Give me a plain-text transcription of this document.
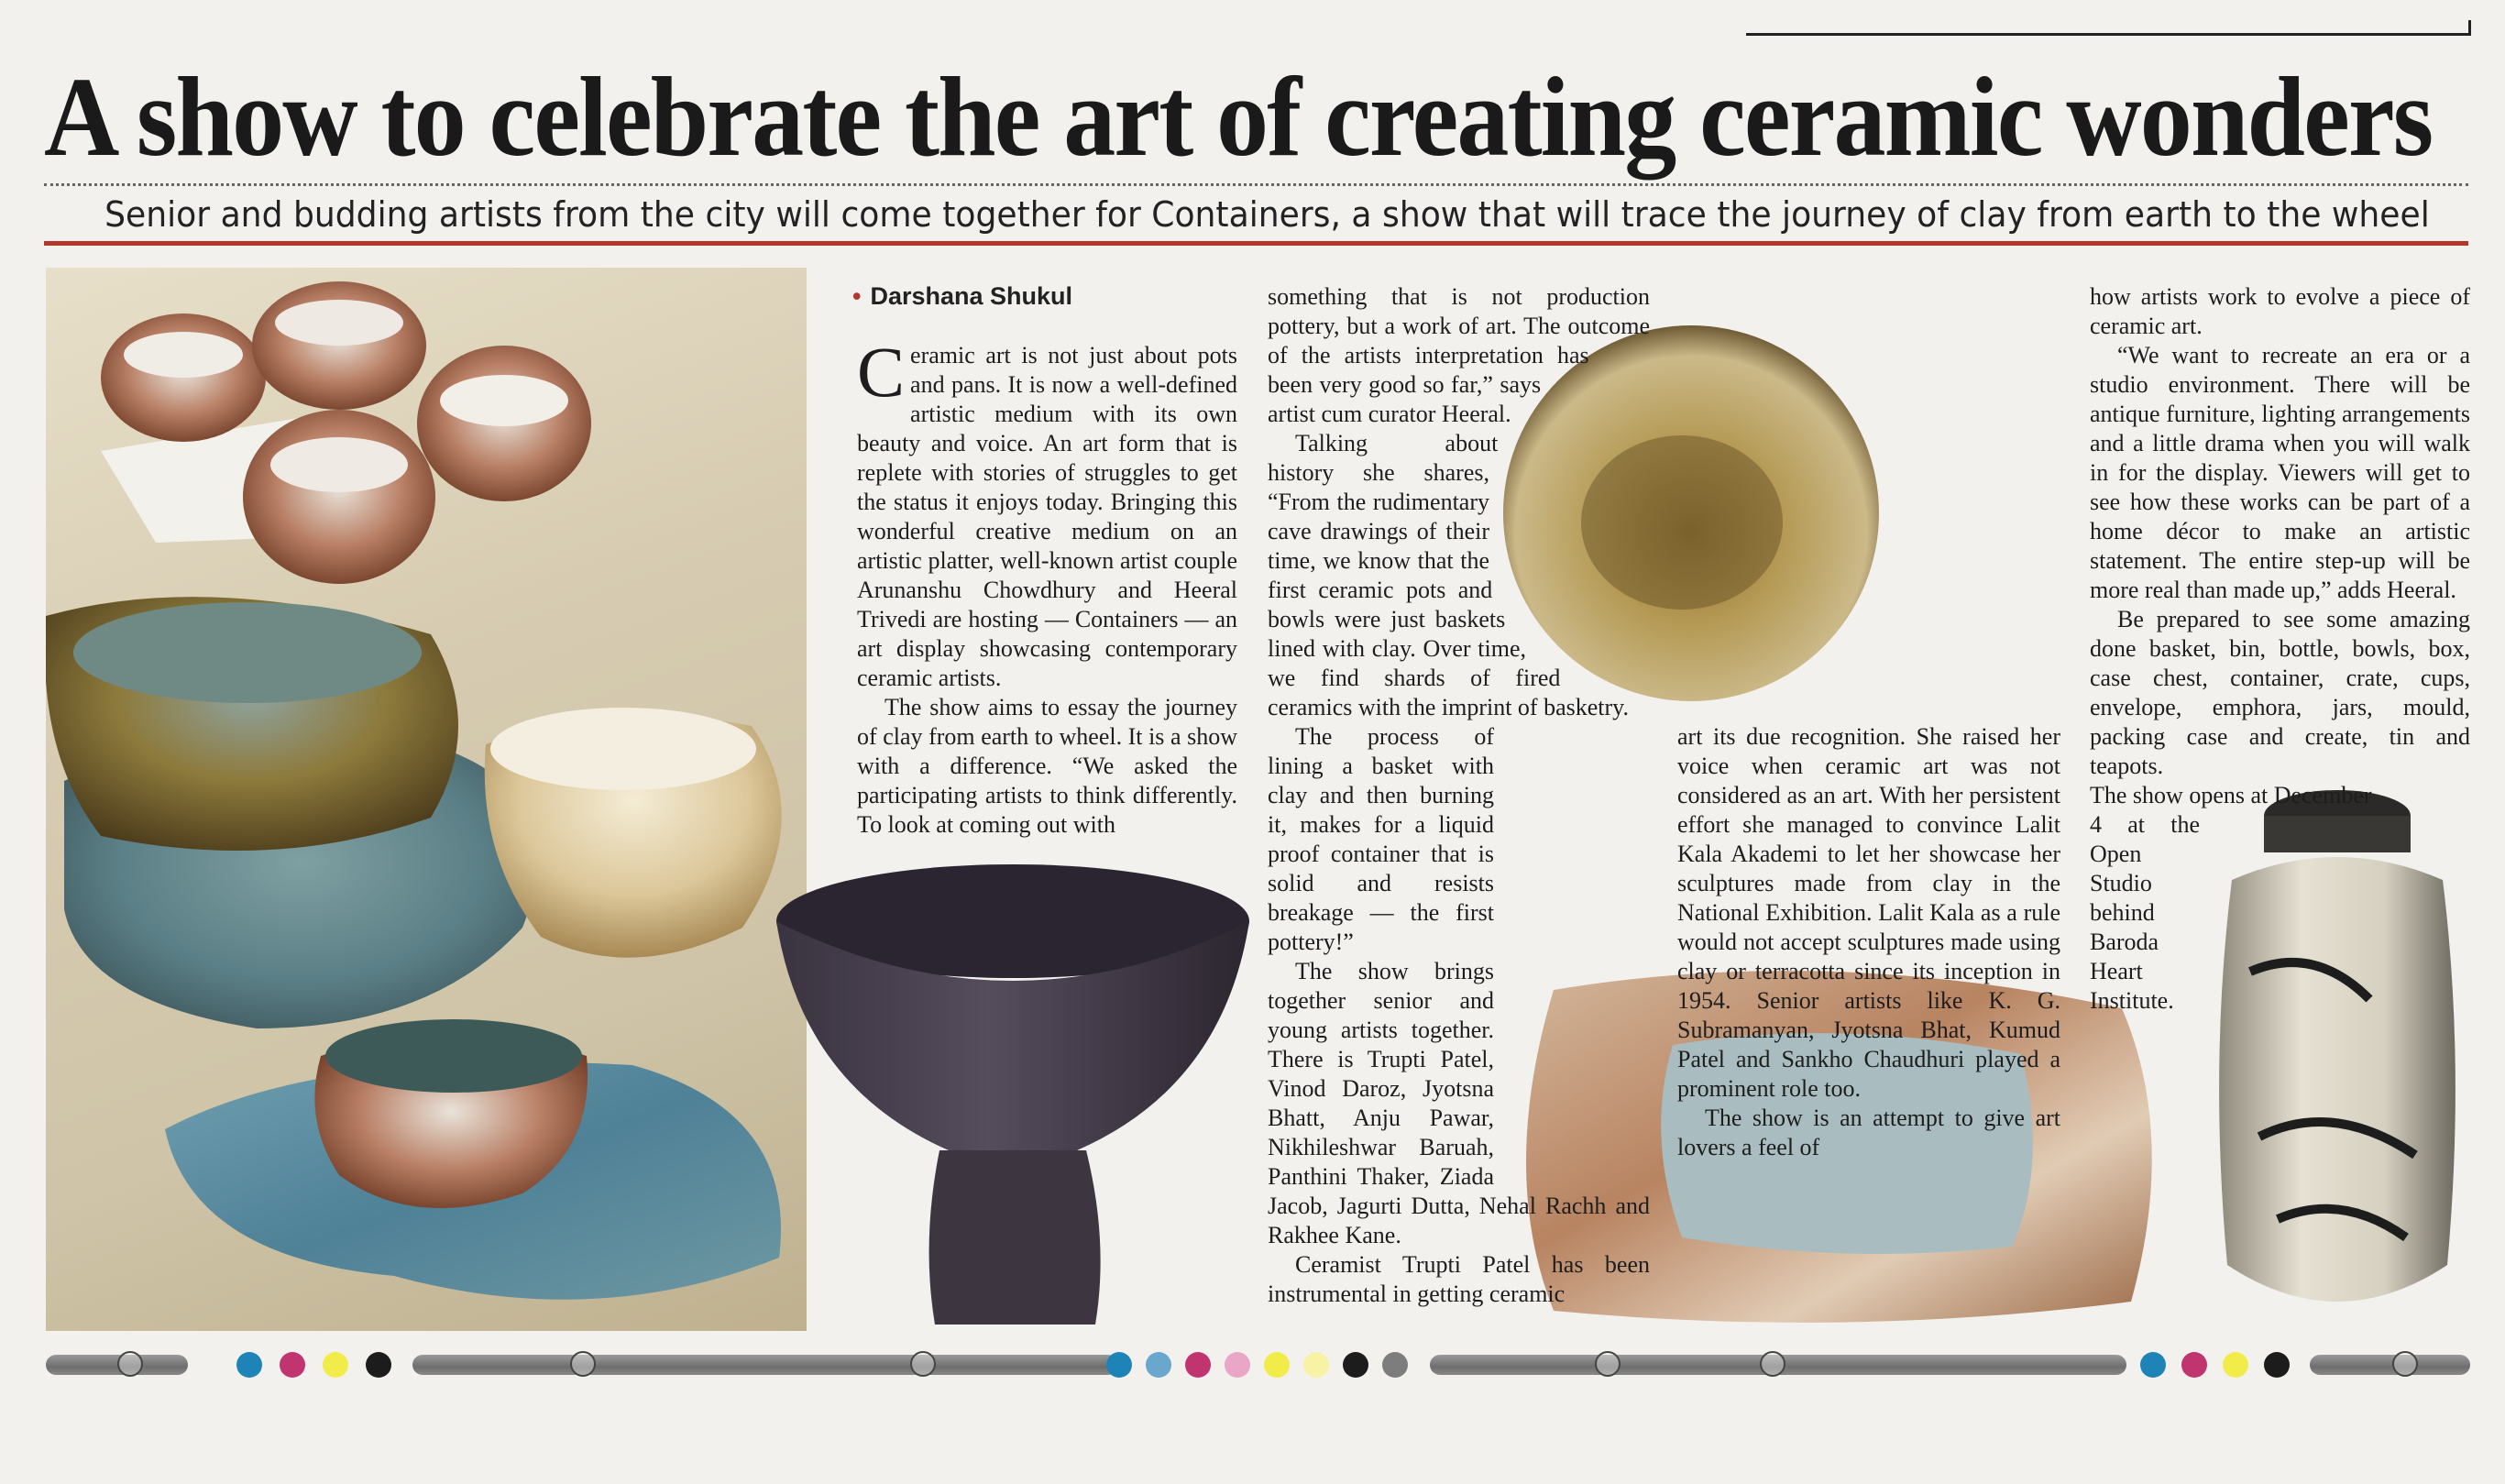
A show to celebrate the art of creating ceramic wonders

Senior and budding artists from the city will come together for Containers, a show that will trace the journey of clay from earth to the wheel

• Darshana Shukul

Ceramic art is not just about pots and pans. It is now a well-defined artistic medium with its own beauty and voice. An art form that is replete with stories of struggles to get the status it enjoys today. Bringing this wonderful creative medium on an artistic platter, well-known artist couple Arunanshu Chowdhury and Heeral Trivedi are hosting — Containers — an art display showcasing contemporary ceramic artists.

The show aims to essay the journey of clay from earth to wheel. It is a show with a difference. “We asked the participating artists to think differently. To look at coming out with

something that is not production pottery, but a work of art. The outcome of the artists interpretation has been very good so far,” says artist cum curator Heeral.

Talking about history she shares, “From the rudimentary cave drawings of their time, we know that the first ceramic pots and bowls were just baskets lined with clay. Over time, we find shards of fired ceramics with the imprint of basketry.

The process of lining a basket with clay and then burning it, makes for a liquid proof container that is solid and resists breakage — the first pottery!”

The show brings together senior and young artists together. There is Trupti Patel, Vinod Daroz, Jyotsna Bhatt, Anju Pawar, Nikhileshwar Baruah, Panthini Thaker, Ziada Jacob, Jagurti Dutta, Nehal Rachh and Rakhee Kane.

Ceramist Trupti Patel has been instrumental in getting ceramic

art its due recognition. She raised her voice when ceramic art was not considered as an art. With her persistent effort she managed to convince Lalit Kala Akademi to let her showcase her sculptures made from clay in the National Exhibition. Lalit Kala as a rule would not accept sculptures made using clay or terracotta since its inception in 1954. Senior artists like K. G. Subramanyan, Jyotsna Bhat, Kumud Patel and Sankho Chaudhuri played a prominent role too.

The show is an attempt to give art lovers a feel of

how artists work to evolve a piece of ceramic art.

“We want to recreate an era or a studio environment. There will be antique furniture, lighting arrangements and a little drama when you will walk in for the display. Viewers will get to see how these works can be part of a home décor to make an artistic statement. The entire step-up will be more real than made up,” adds Heeral.

Be prepared to see some amazing done basket, bin, bottle, bowls, box, case chest, container, crate, cups, envelope, emphora, jars, mould, packing case and create, tin and teapots.

The show opens at December

4 at the Open Studio behind Baroda Heart Institute.
